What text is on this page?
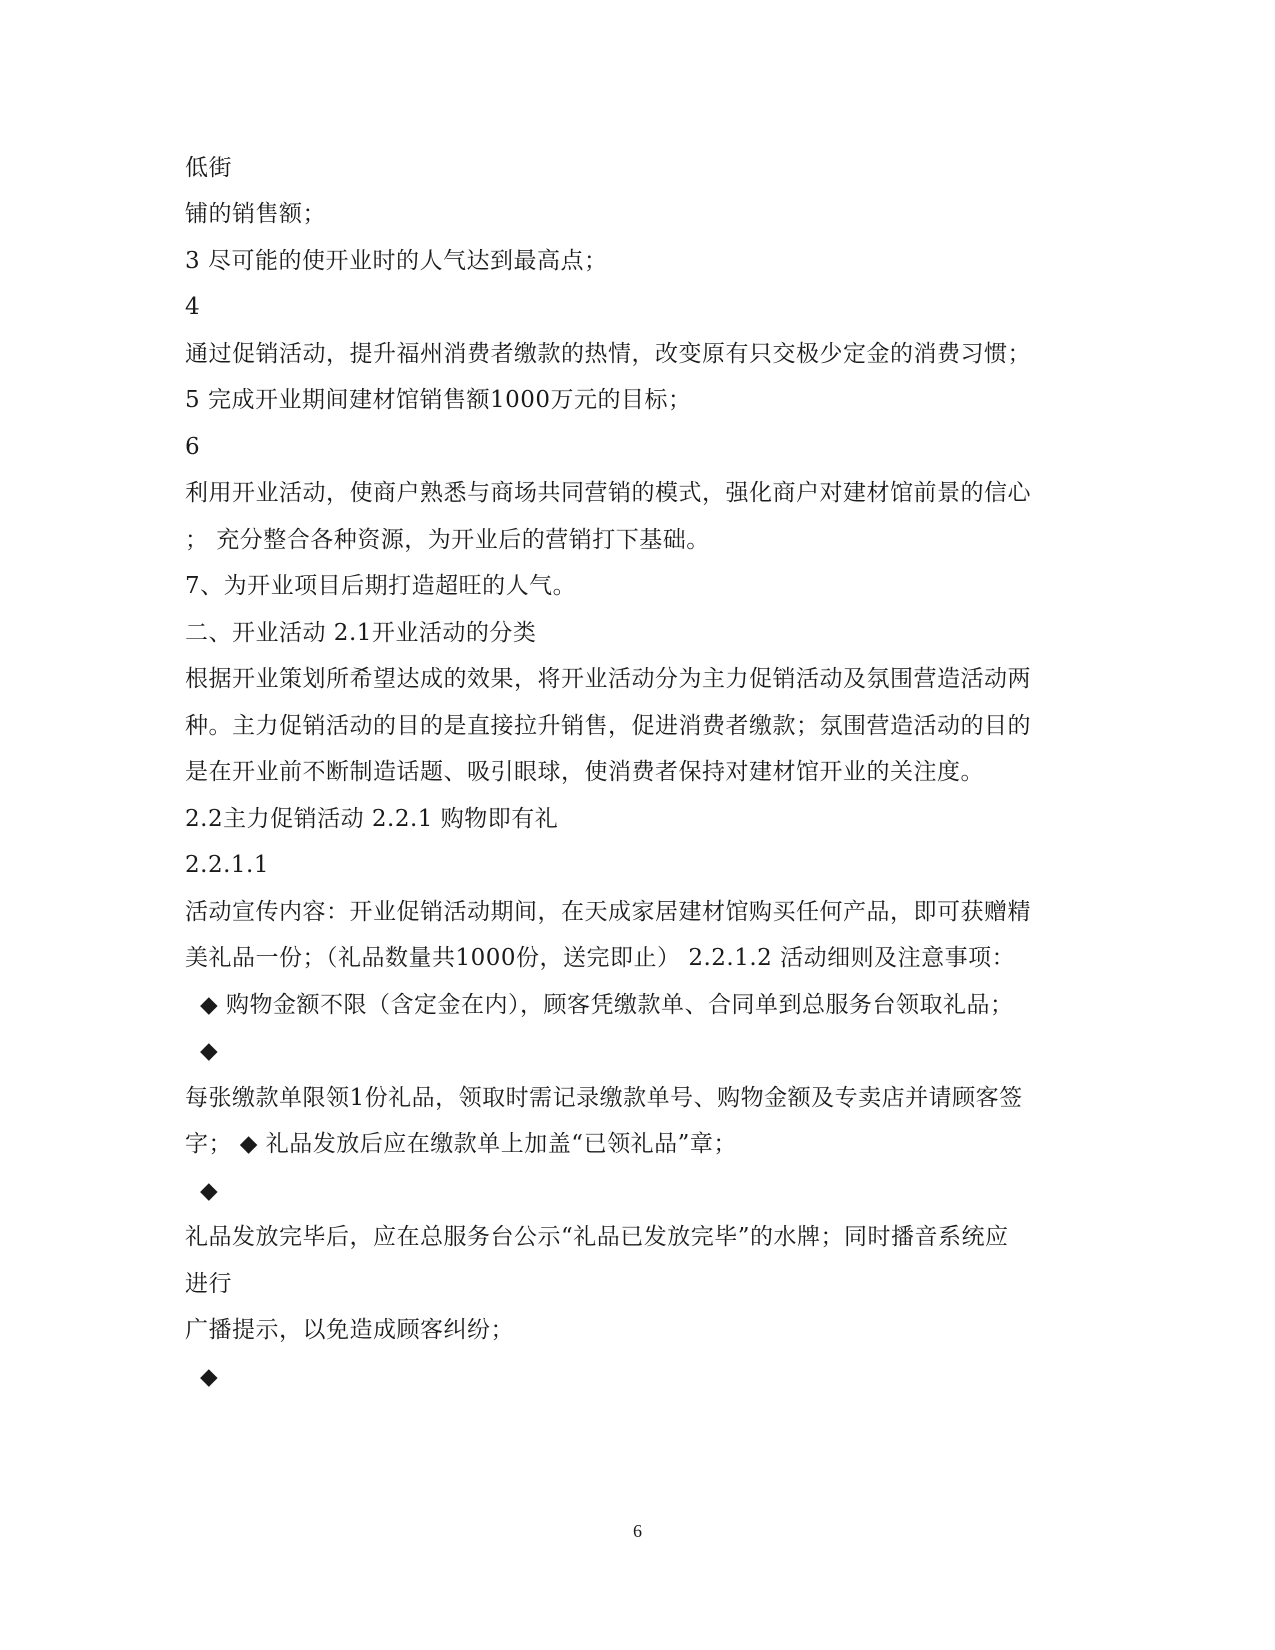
低街
铺的销售额；
3 尽可能的使开业时的人气达到最高点；
4
通过促销活动，提升福州消费者缴款的热情，改变原有只交极少定金的消费习惯；
5 完成开业期间建材馆销售额1000万元的目标；
6
利用开业活动，使商户熟悉与商场共同营销的模式，强化商户对建材馆前景的信心
； 充分整合各种资源，为开业后的营销打下基础。
7、为开业项目后期打造超旺的人气。
二、开业活动 2.1开业活动的分类
根据开业策划所希望达成的效果，将开业活动分为主力促销活动及氛围营造活动两
种。主力促销活动的目的是直接拉升销售，促进消费者缴款；氛围营造活动的目的
是在开业前不断制造话题、吸引眼球，使消费者保持对建材馆开业的关注度。
2.2主力促销活动 2.2.1 购物即有礼
2.2.1.1
活动宣传内容：开业促销活动期间，在天成家居建材馆购买任何产品，即可获赠精
美礼品一份；（礼品数量共1000份，送完即止） 2.2.1.2 活动细则及注意事项：
◆ 购物金额不限（含定金在内），顾客凭缴款单、合同单到总服务台领取礼品；
◆
每张缴款单限领1份礼品，领取时需记录缴款单号、购物金额及专卖店并请顾客签
字； ◆ 礼品发放后应在缴款单上加盖“已领礼品”章；
◆
礼品发放完毕后，应在总服务台公示“礼品已发放完毕”的水牌；同时播音系统应
进行
广播提示，以免造成顾客纠纷；
◆
6
